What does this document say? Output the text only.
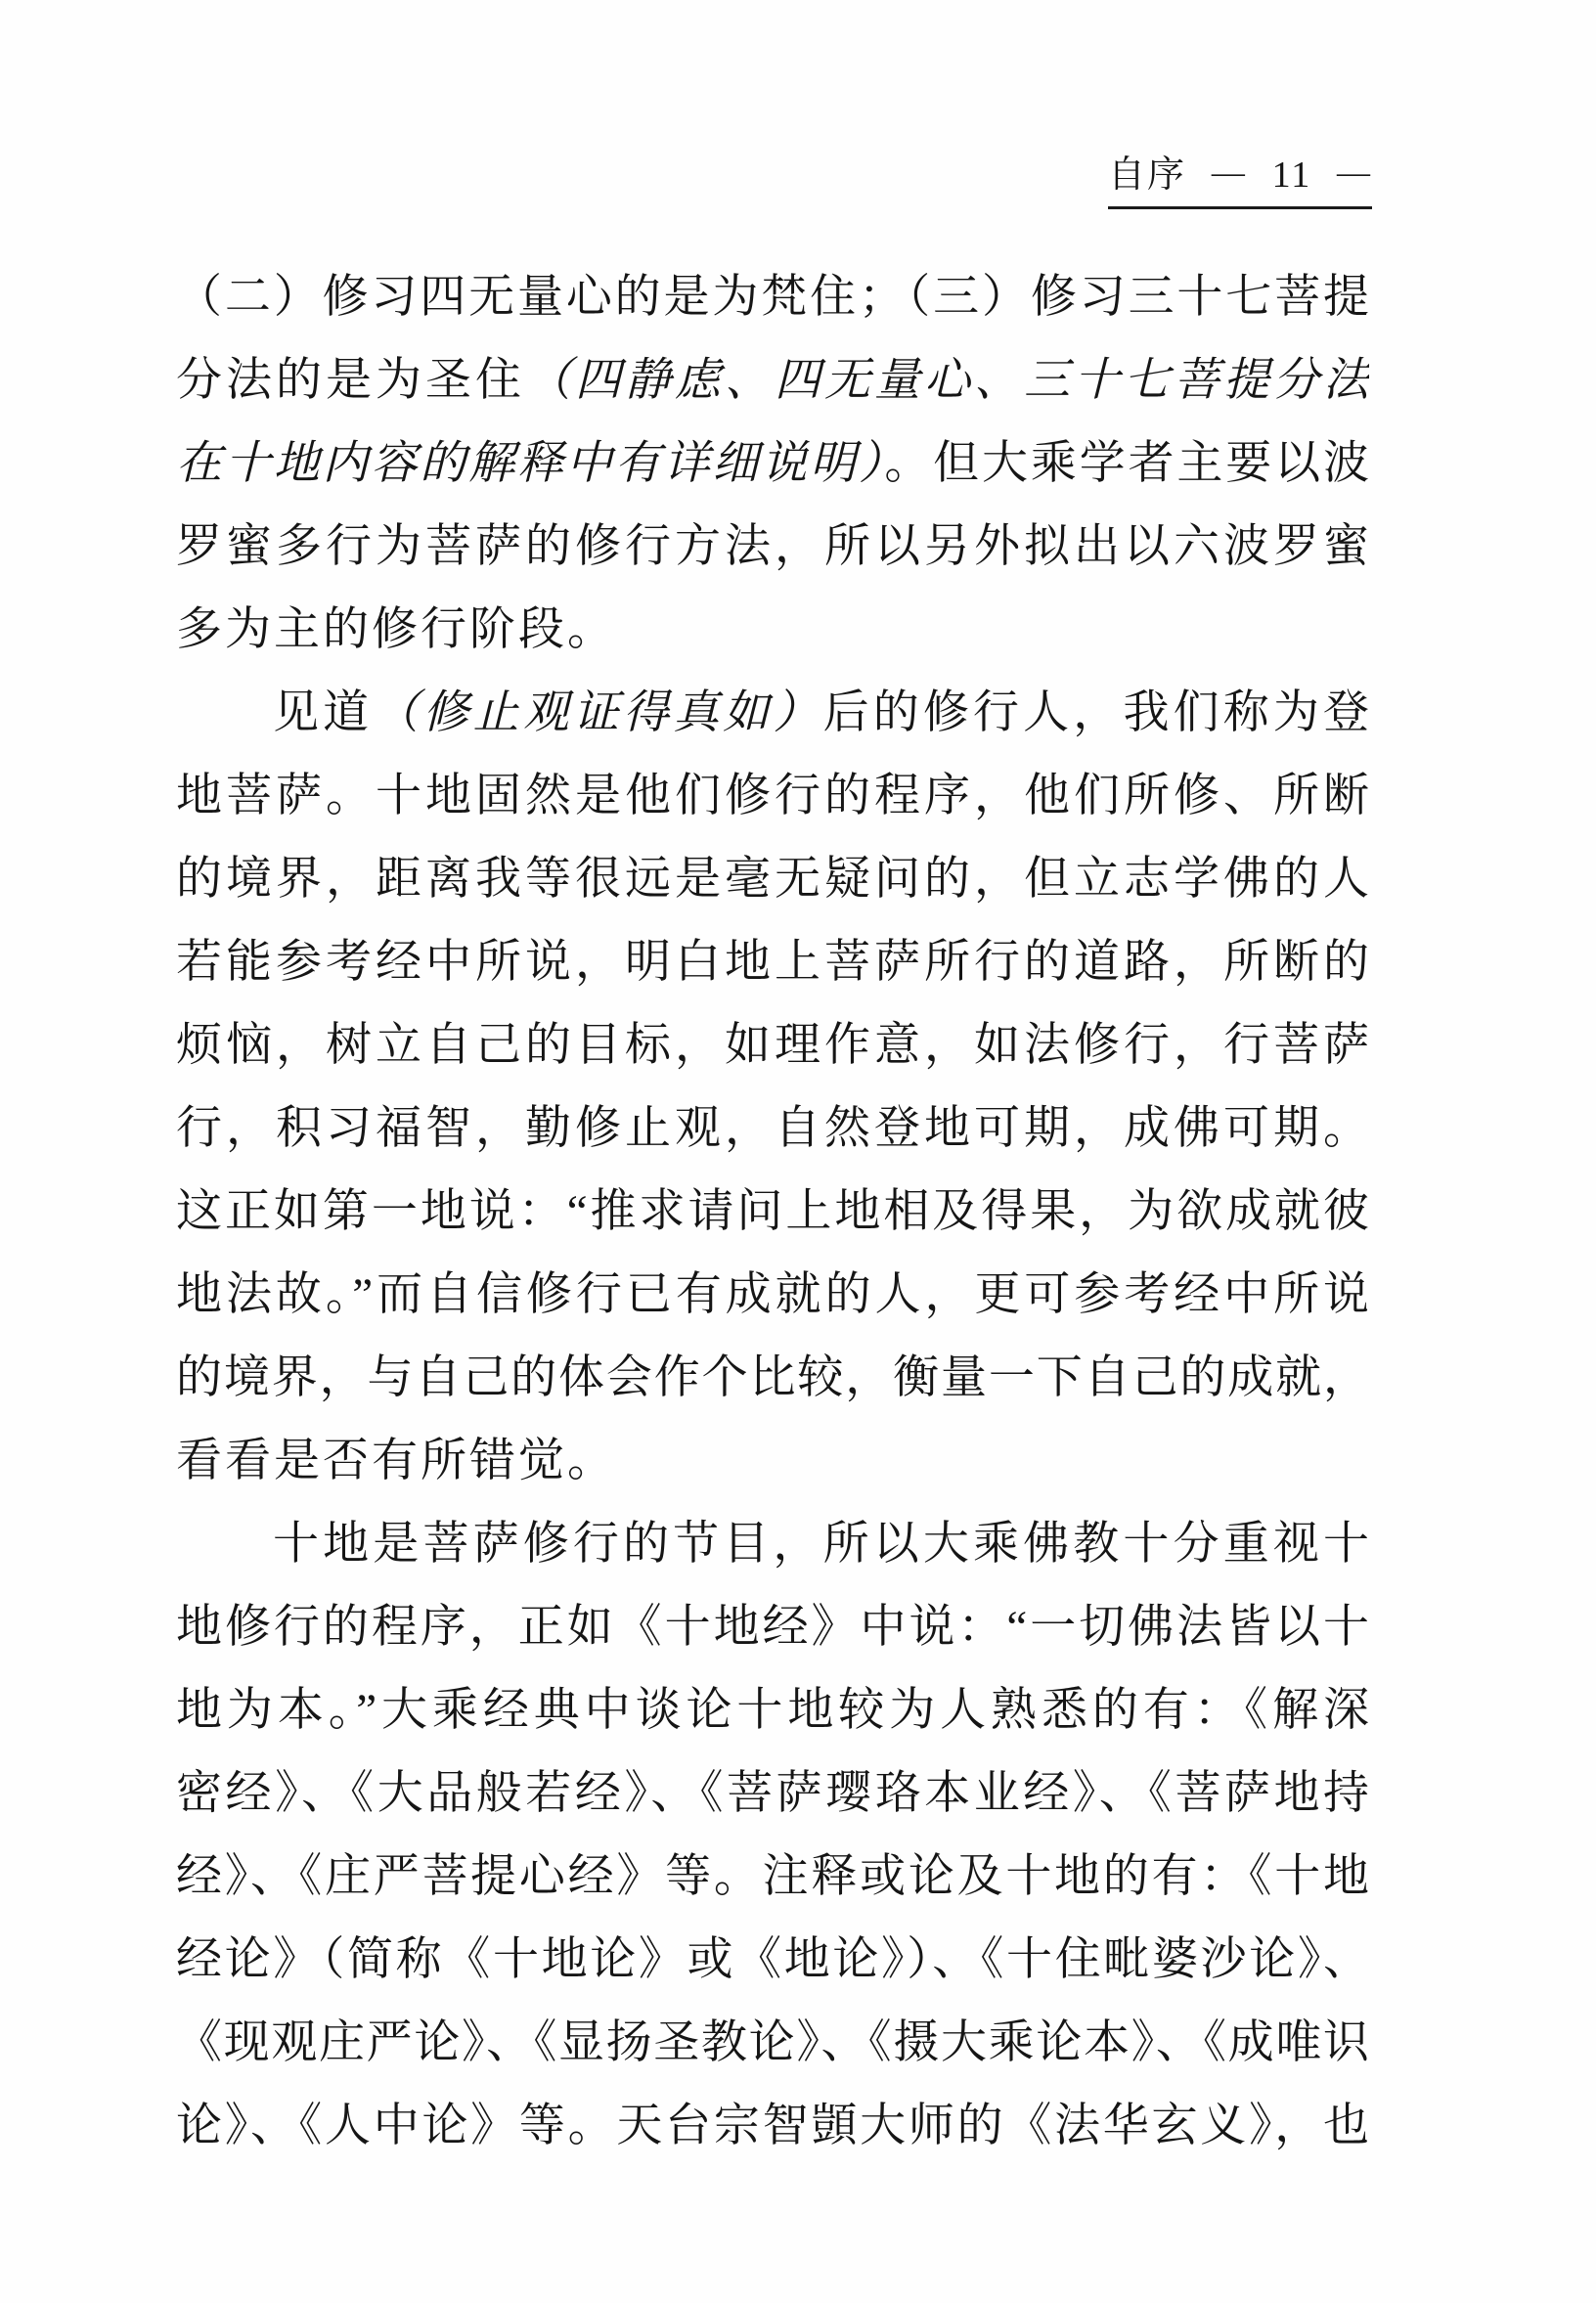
自序 — 11 —
（二）修习四无量心的是为梵住；（三）修习三十七菩提
分法的是为圣住（四静虑、四无量心、三十七菩提分法
在十地内容的解释中有详细说明）。但大乘学者主要以波
罗蜜多行为菩萨的修行方法，所以另外拟出以六波罗蜜
多为主的修行阶段。
见道（修止观证得真如）后的修行人，我们称为登
地菩萨。十地固然是他们修行的程序，他们所修、所断
的境界，距离我等很远是毫无疑问的，但立志学佛的人
若能参考经中所说，明白地上菩萨所行的道路，所断的
烦恼，树立自己的目标，如理作意，如法修行，行菩萨
行，积习福智，勤修止观，自然登地可期，成佛可期。
这正如第一地说：“推求请问上地相及得果，为欲成就彼
地法故。”而自信修行已有成就的人，更可参考经中所说
的境界，与自己的体会作个比较，衡量一下自己的成就，
看看是否有所错觉。
十地是菩萨修行的节目，所以大乘佛教十分重视十
地修行的程序，正如《十地经》中说：“一切佛法皆以十
地为本。”大乘经典中谈论十地较为人熟悉的有：《解深
密经》、《大品般若经》、《菩萨璎珞本业经》、《菩萨地持
经》、《庄严菩提心经》等。注释或论及十地的有：《十地
经论》（简称《十地论》或《地论》）、《十住毗婆沙论》、
《现观庄严论》、《显扬圣教论》、《摄大乘论本》、《成唯识
论》、《人中论》等。天台宗智顗大师的《法华玄义》，也
